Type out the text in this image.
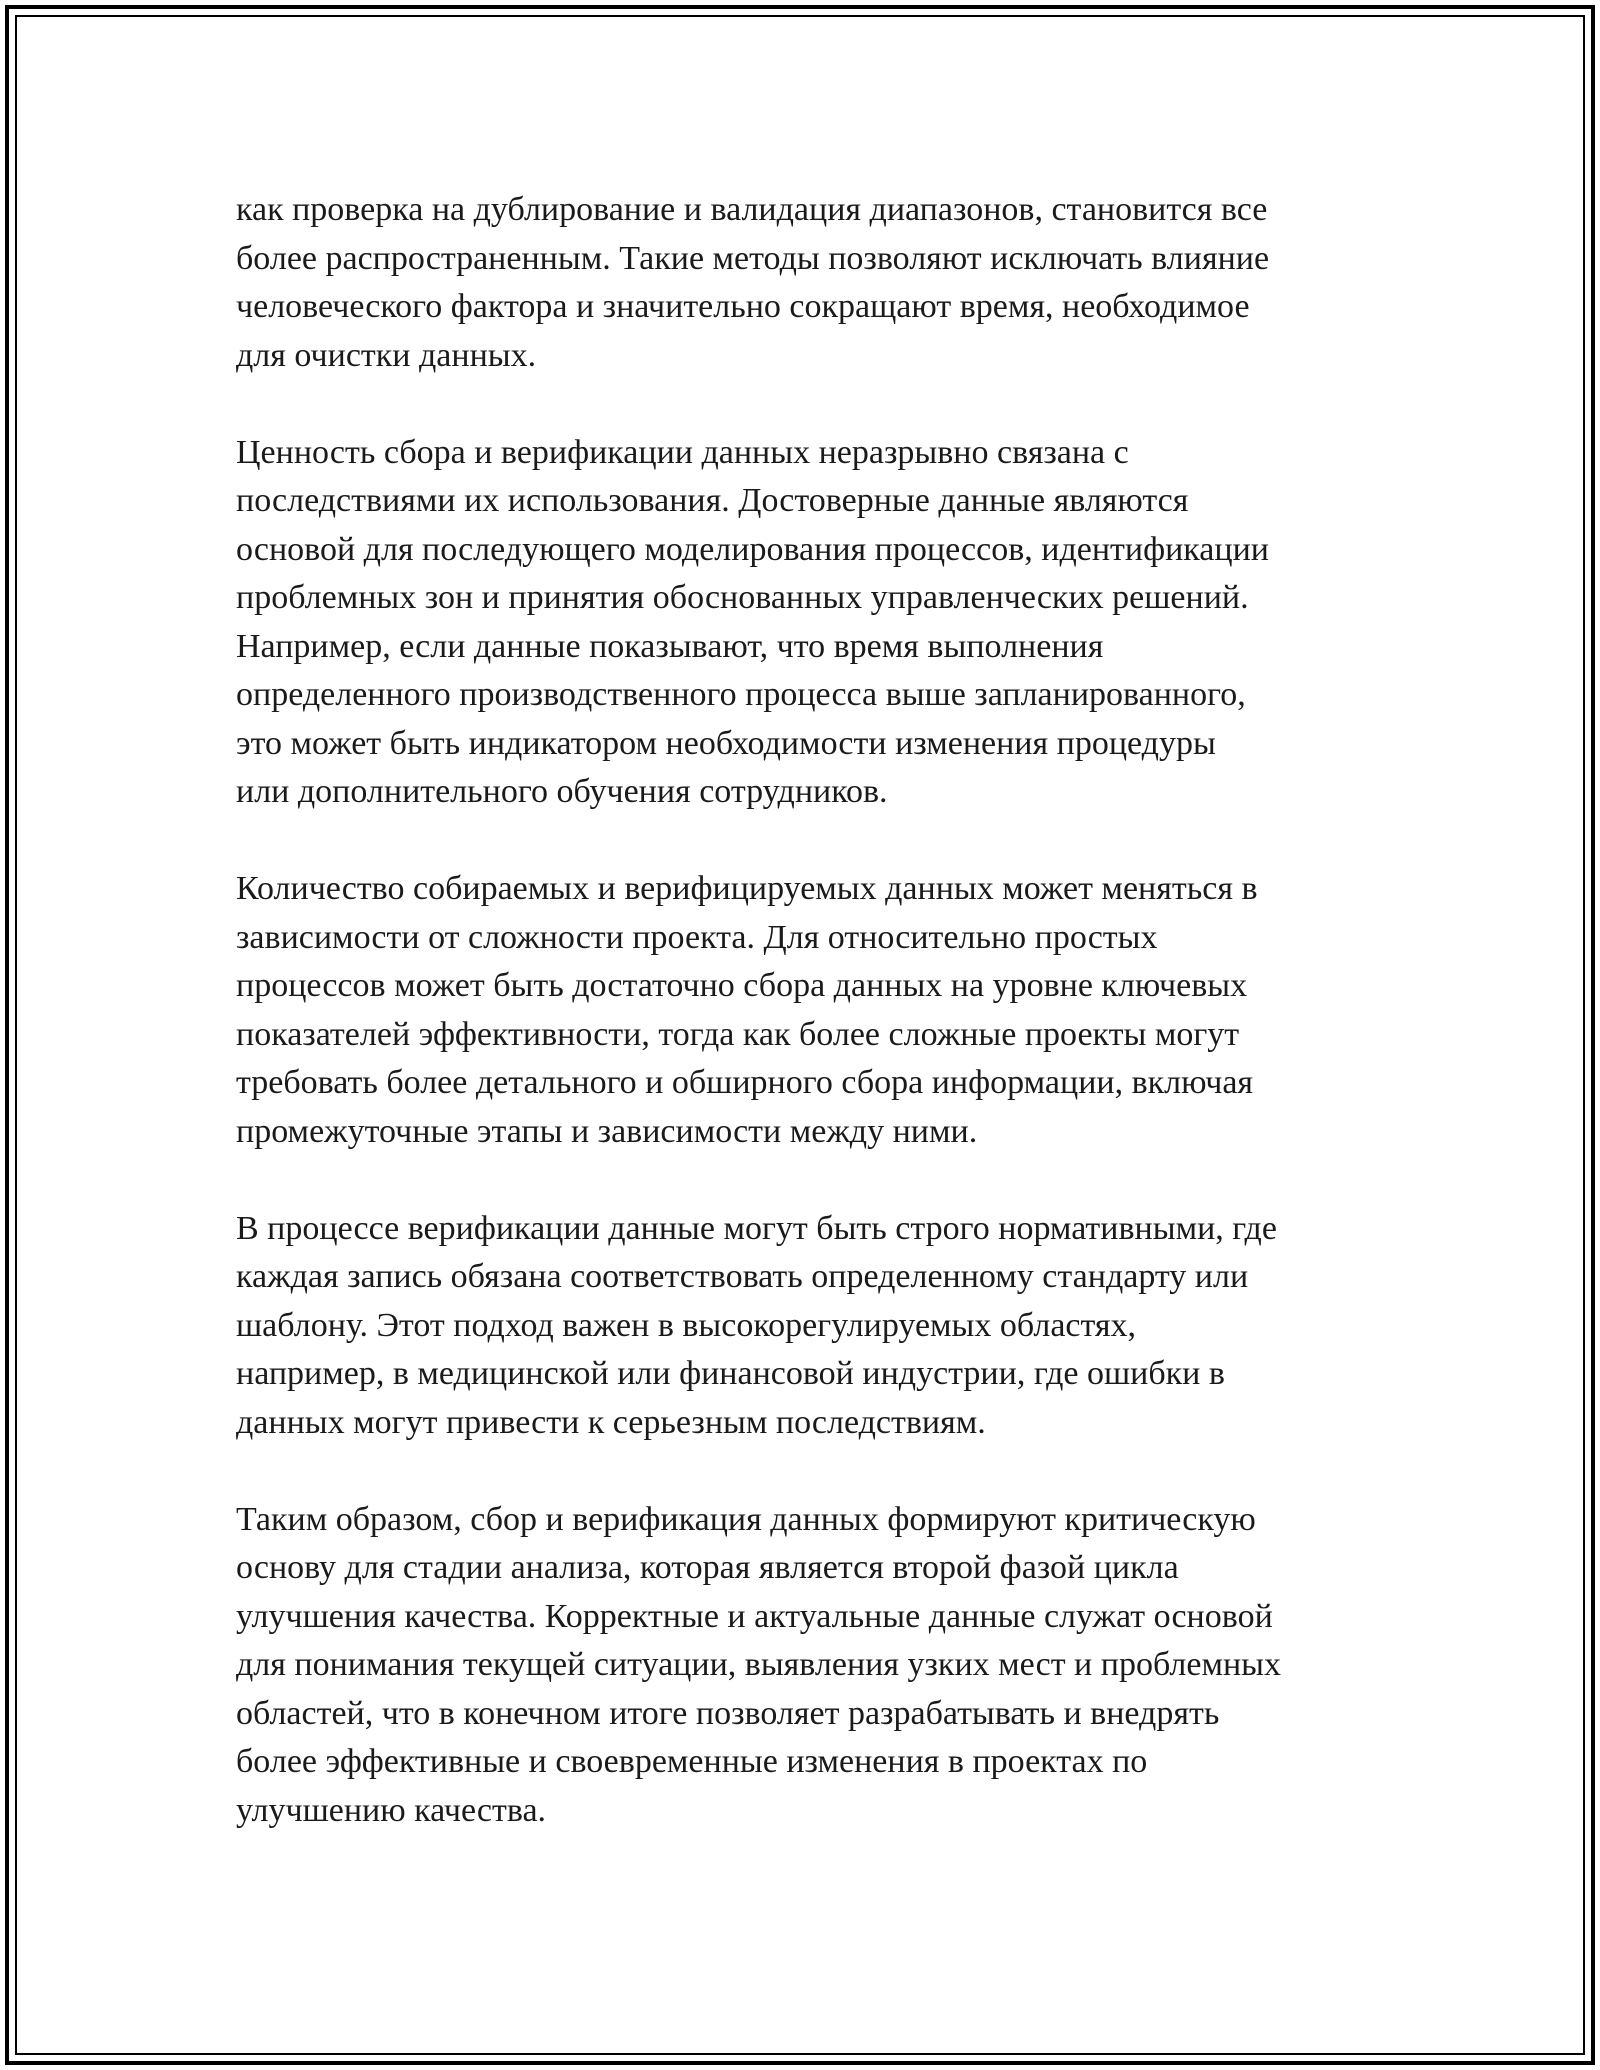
как проверка на дублирование и валидация диапазонов, становится все
более распространенным. Такие методы позволяют исключать влияние
человеческого фактора и значительно сокращают время, необходимое
для очистки данных.

Ценность сбора и верификации данных неразрывно связана с
последствиями их использования. Достоверные данные являются
основой для последующего моделирования процессов, идентификации
проблемных зон и принятия обоснованных управленческих решений.
Например, если данные показывают, что время выполнения
определенного производственного процесса выше запланированного,
это может быть индикатором необходимости изменения процедуры
или дополнительного обучения сотрудников.

Количество собираемых и верифицируемых данных может меняться в
зависимости от сложности проекта. Для относительно простых
процессов может быть достаточно сбора данных на уровне ключевых
показателей эффективности, тогда как более сложные проекты могут
требовать более детального и обширного сбора информации, включая
промежуточные этапы и зависимости между ними.

В процессе верификации данные могут быть строго нормативными, где
каждая запись обязана соответствовать определенному стандарту или
шаблону. Этот подход важен в высокорегулируемых областях,
например, в медицинской или финансовой индустрии, где ошибки в
данных могут привести к серьезным последствиям.

Таким образом, сбор и верификация данных формируют критическую
основу для стадии анализа, которая является второй фазой цикла
улучшения качества. Корректные и актуальные данные служат основой
для понимания текущей ситуации, выявления узких мест и проблемных
областей, что в конечном итоге позволяет разрабатывать и внедрять
более эффективные и своевременные изменения в проектах по
улучшению качества.
